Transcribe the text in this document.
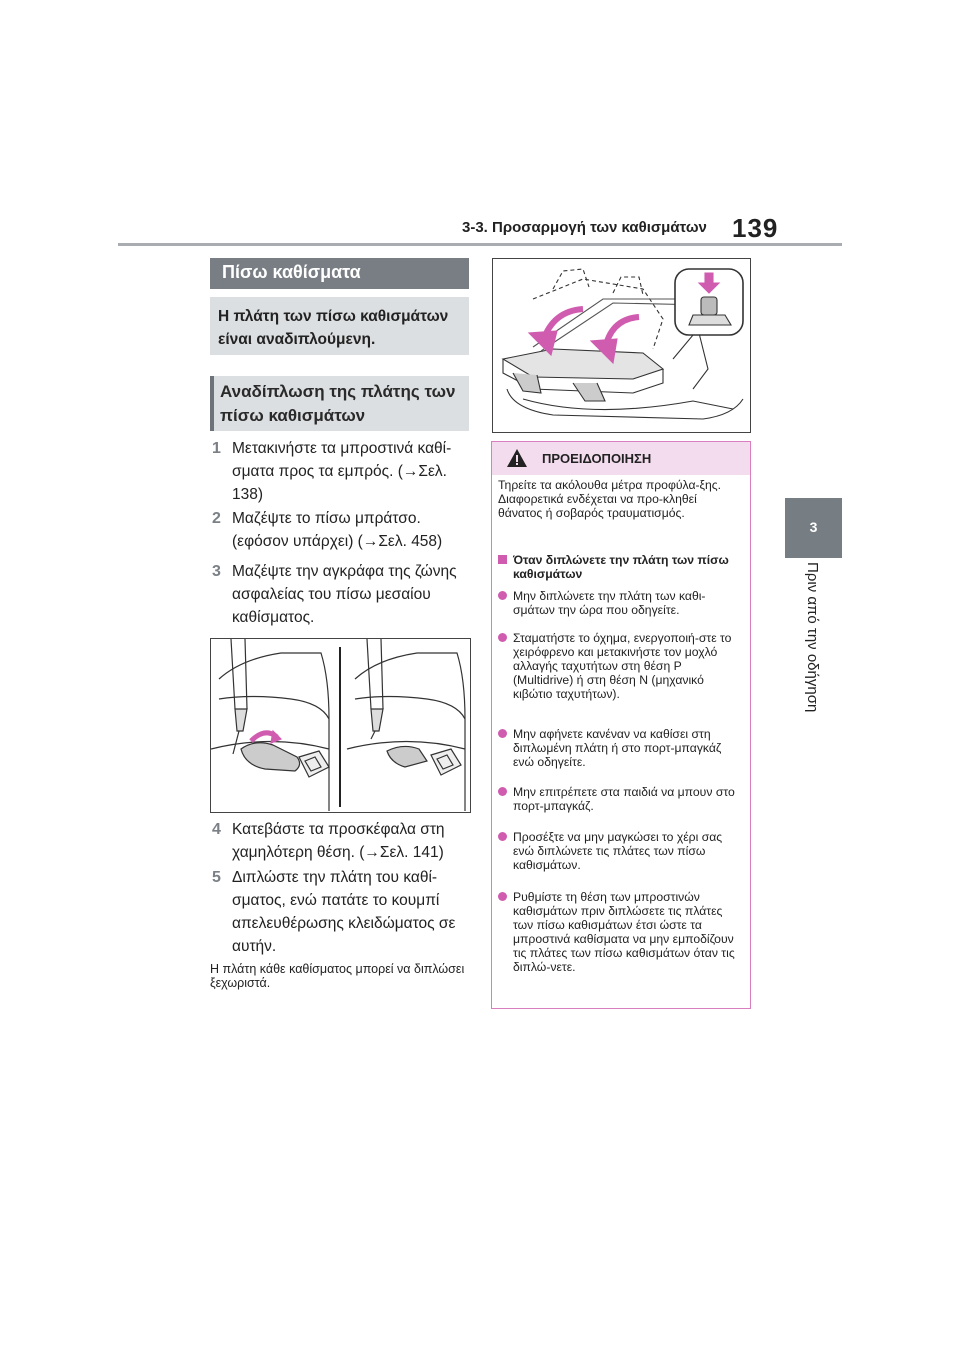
3-3. Προσαρμογή των καθισμάτων 139
3
Πριν από την οδήγηση
Πίσω καθίσματα
Η πλάτη των πίσω καθισμάτων είναι αναδιπλούμενη.
Αναδίπλωση της πλάτης των πίσω καθισμάτων
1 Μετακινήστε τα μπροστινά καθί-σματα προς τα εμπρός. (→Σελ. 138)
2 Μαζέψτε το πίσω μπράτσο. (εφόσον υπάρχει) (→Σελ. 458)
3 Μαζέψτε την αγκράφα της ζώνης ασφαλείας του πίσω μεσαίου καθίσματος.
4 Κατεβάστε τα προσκέφαλα στη χαμηλότερη θέση. (→Σελ. 141)
5 Διπλώστε την πλάτη του καθί-σματος, ενώ πατάτε το κουμπί απελευθέρωσης κλειδώματος σε αυτήν.
Η πλάτη κάθε καθίσματος μπορεί να διπλώσει ξεχωριστά.
ΠΡΟΕΙΔΟΠΟΙΗΣΗ
Τηρείτε τα ακόλουθα μέτρα προφύλα-ξης. Διαφορετικά ενδέχεται να προ-κληθεί θάνατος ή σοβαρός τραυματισμός.
Όταν διπλώνετε την πλάτη των πίσω καθισμάτων
Μην διπλώνετε την πλάτη των καθι-σμάτων την ώρα που οδηγείτε.
Σταματήστε το όχημα, ενεργοποιή-στε το χειρόφρενο και μετακινήστε τον μοχλό αλλαγής ταχυτήτων στη θέση P (Multidrive) ή στη θέση N (μηχανικό κιβώτιο ταχυτήτων).
Μην αφήνετε κανέναν να καθίσει στη διπλωμένη πλάτη ή στο πορτ-μπαγκάζ ενώ οδηγείτε.
Μην επιτρέπετε στα παιδιά να μπουν στο πορτ-μπαγκάζ.
Προσέξτε να μην μαγκώσει το χέρι σας ενώ διπλώνετε τις πλάτες των πίσω καθισμάτων.
Ρυθμίστε τη θέση των μπροστινών καθισμάτων πριν διπλώσετε τις πλάτες των πίσω καθισμάτων έτσι ώστε τα μπροστινά καθίσματα να μην εμποδίζουν τις πλάτες των πίσω καθισμάτων όταν τις διπλώ-νετε.
